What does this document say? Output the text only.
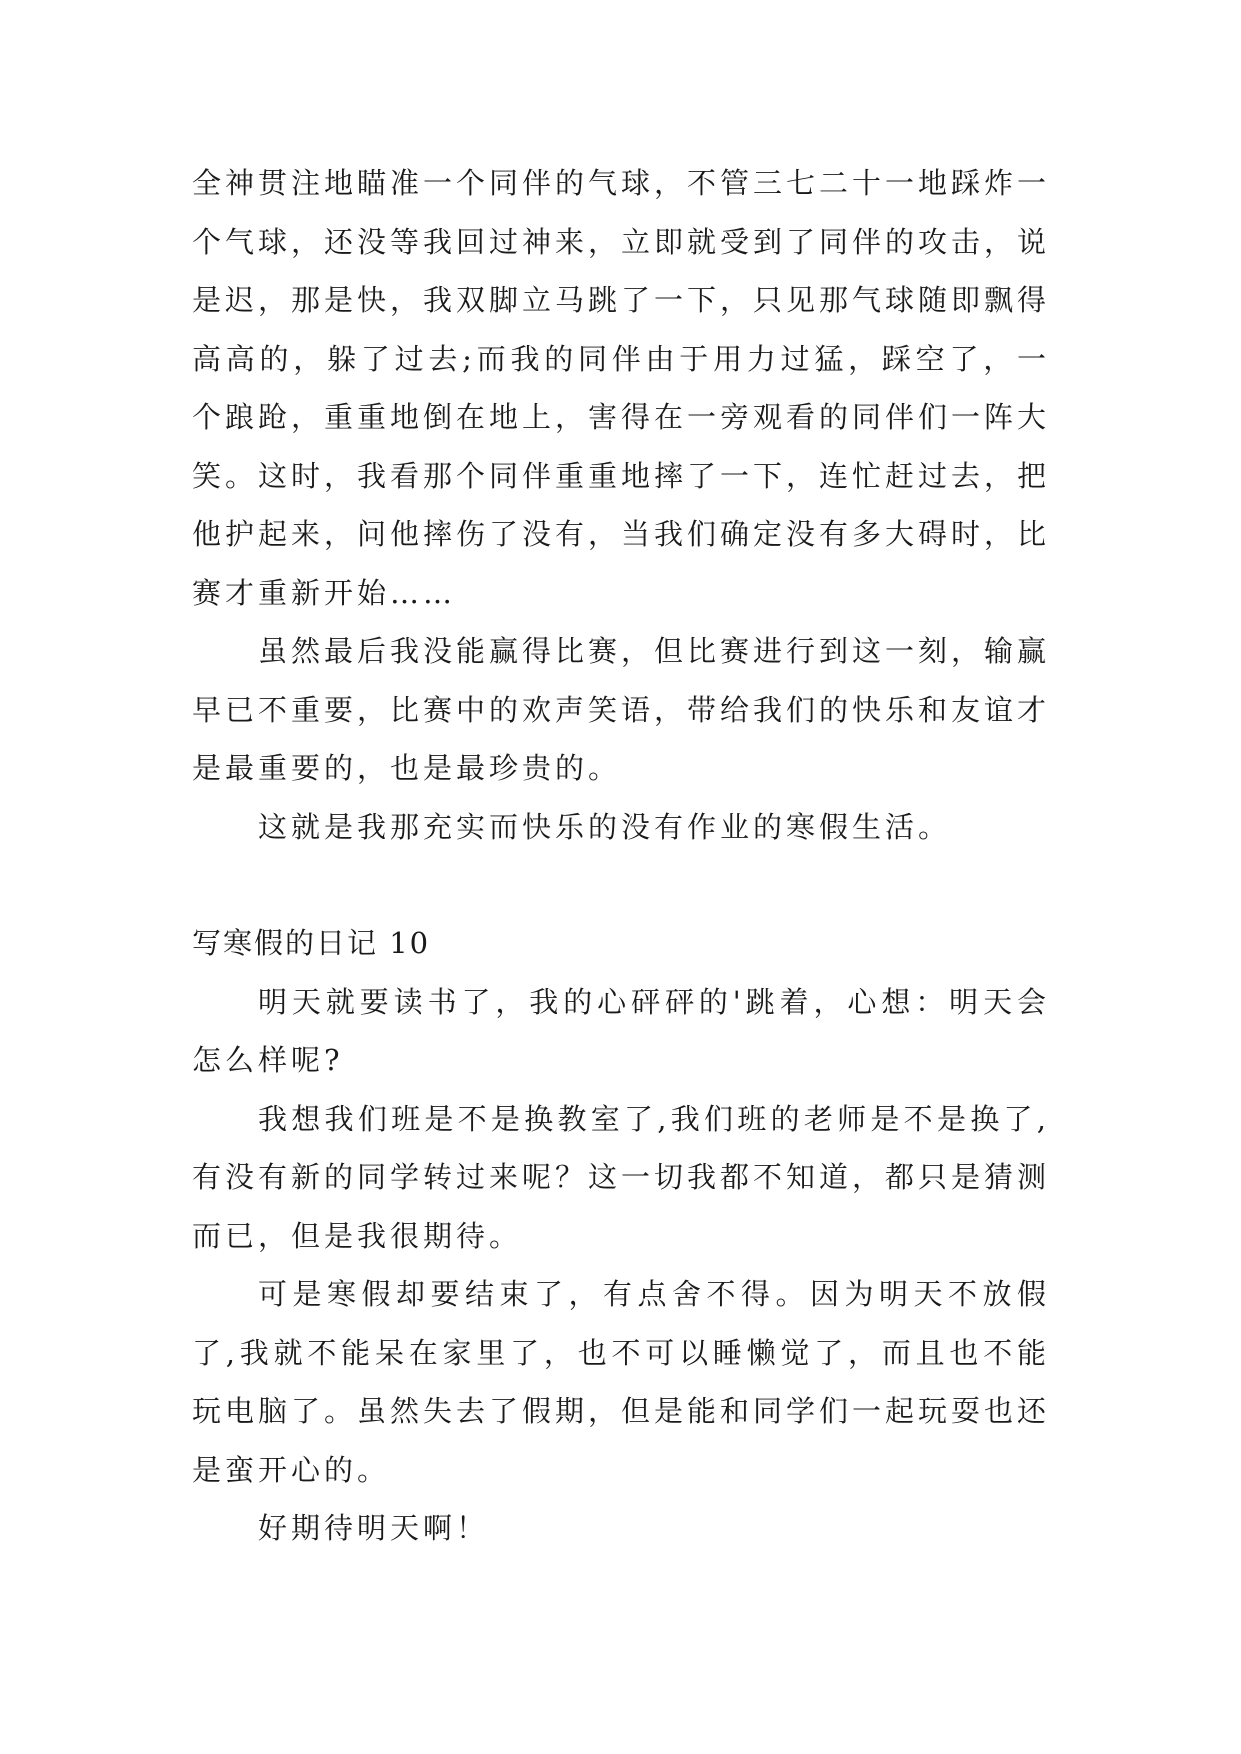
全神贯注地瞄准一个同伴的气球，不管三七二十一地踩炸一个气球，还没等我回过神来，立即就受到了同伴的攻击，说是迟，那是快，我双脚立马跳了一下，只见那气球随即飘得高高的，躲了过去;而我的同伴由于用力过猛，踩空了，一个踉跄，重重地倒在地上，害得在一旁观看的同伴们一阵大笑。这时，我看那个同伴重重地摔了一下，连忙赶过去，把他护起来，问他摔伤了没有，当我们确定没有多大碍时，比赛才重新开始……

虽然最后我没能赢得比赛，但比赛进行到这一刻，输赢早已不重要，比赛中的欢声笑语，带给我们的快乐和友谊才是最重要的，也是最珍贵的。

这就是我那充实而快乐的没有作业的寒假生活。

写寒假的日记 10

明天就要读书了，我的心砰砰的'跳着，心想：明天会怎么样呢?

我想我们班是不是换教室了,我们班的老师是不是换了,有没有新的同学转过来呢？这一切我都不知道，都只是猜测而已，但是我很期待。

可是寒假却要结束了，有点舍不得。因为明天不放假了,我就不能呆在家里了，也不可以睡懒觉了，而且也不能玩电脑了。虽然失去了假期，但是能和同学们一起玩耍也还是蛮开心的。

好期待明天啊！
